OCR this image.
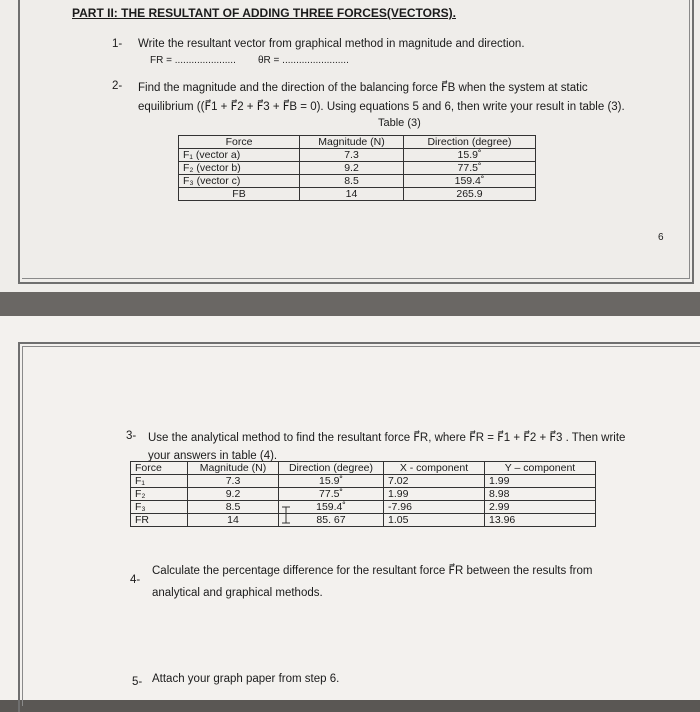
PART II: THE RESULTANT OF ADDING THREE FORCES(VECTORS).
1- Write the resultant vector from graphical method in magnitude and direction.
FR = ...................... θR = ........................
2- Find the magnitude and the direction of the balancing force F⃗B when the system at static
equilibrium ((F⃗1 + F⃗2 + F⃗3 + F⃗B = 0). Using equations 5 and 6, then write your result in table (3).
Table (3)
Force	Magnitude (N)	Direction (degree)
F₁ (vector a)	7.3	15.9˚
F₂ (vector b)	9.2	77.5˚
F₃ (vector c)	8.5	159.4˚
FB	14	265.9
6
3- Use the analytical method to find the resultant force F⃗R, where F⃗R = F⃗1 + F⃗2 + F⃗3 . Then write
your answers in table (4).
Force	Magnitude (N)	Direction (degree)	X - component	Y – component
F₁	7.3	15.9˚	7.02	1.99
F₂	9.2	77.5˚	1.99	8.98
F₃	8.5	159.4˚	-7.96	2.99
FR	14	85. 67	1.05	13.96
4-
Calculate the percentage difference for the resultant force F⃗R between the results from
analytical and graphical methods.
5- Attach your graph paper from step 6.
